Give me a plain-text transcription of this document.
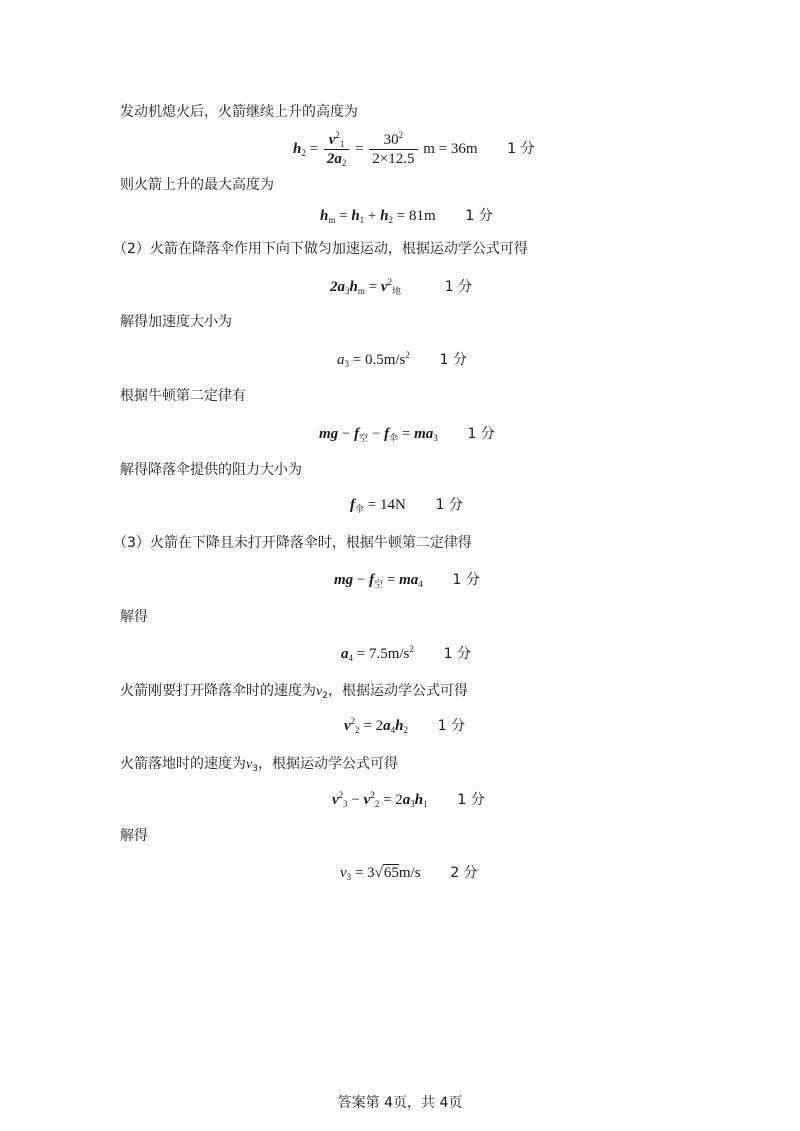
发动机熄火后，火箭继续上升的高度为
$h_2 = \frac{v^2_1}{2a_2} = \frac{30^2}{2\times 12.5}$ m = 36m 1 分
则火箭上升的最大高度为
$h_m = h_1 + h_2 = 81m$ 1 分
（2）火箭在降落伞作用下向下做匀加速运动，根据运动学公式可得
$2a_3h_m = v^2_地$	1 分
解得加速度大小为
$a_3 = 0.5m/s^2$ 1 分
根据牛顿第二定律有
mg − $f_空 - f_伞 = ma_3$ 1 分
解得降落伞提供的阻力大小为
$f_伞 = 14N$ 1 分
（3）火箭在下降且未打开降落伞时，根据牛顿第二定律得
mg − $f_空 = ma_4$ 1 分
解得
$a_4 = 7.5m/s^2$ 1 分
火箭刚要打开降落伞时的速度为$v_2$，根据运动学公式可得
$v^2_2 = 2a_4h_2$ 1 分
火箭落地时的速度为$v_3$，根据运动学公式可得
$v^2_3 - v^2_2 = 2a_3h_1$ 1 分
解得
$v_3 = 3√65m/s$ 2 分
答案第 4页，共 4页
